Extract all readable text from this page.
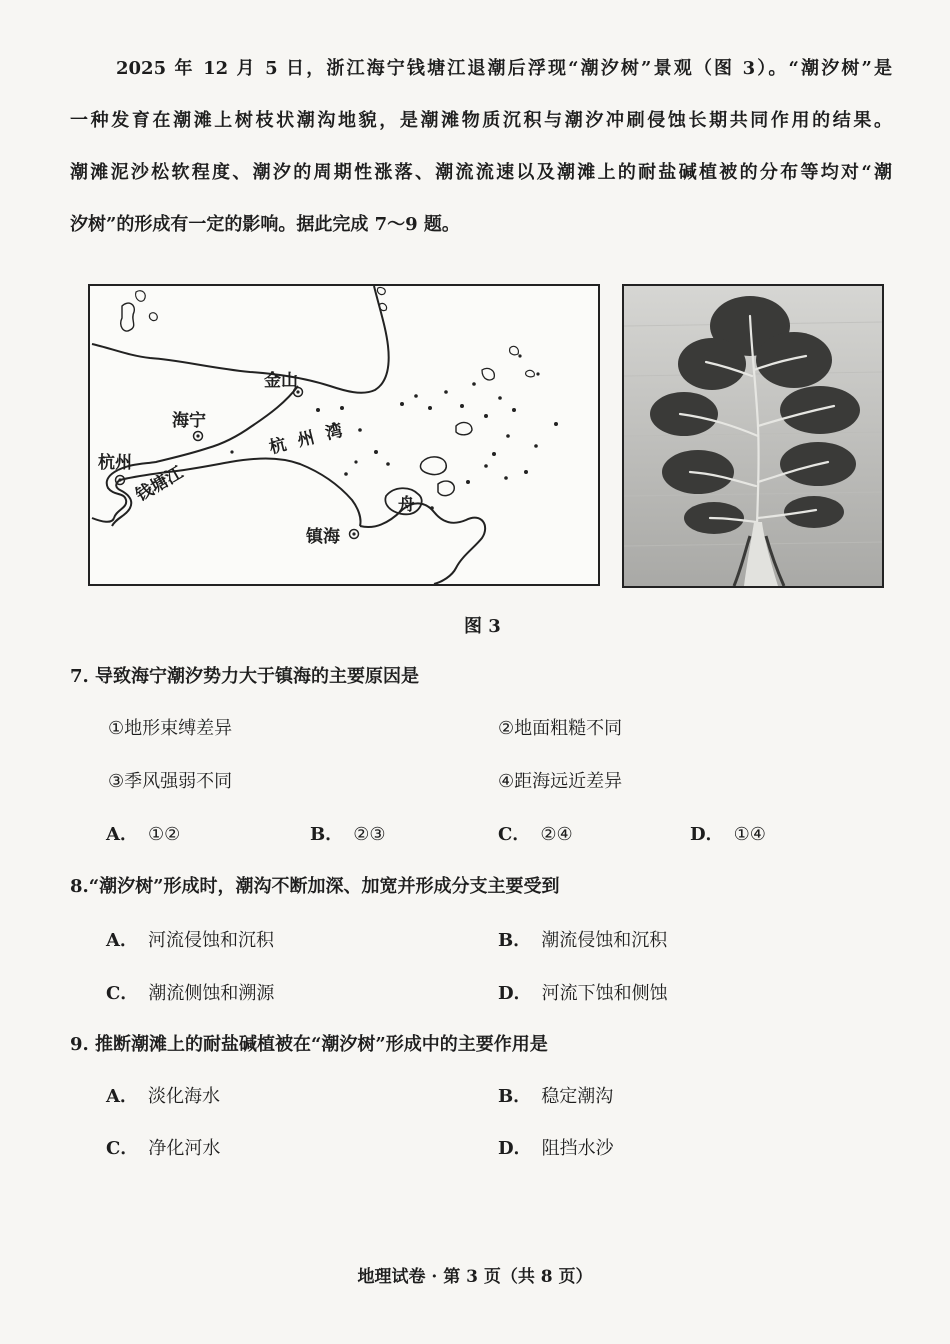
2025 年 12 月 5 日，浙江海宁钱塘江退潮后浮现“潮汐树”景观（图 3）。“潮汐树”是
一种发育在潮滩上树枝状潮沟地貌，是潮滩物质沉积与潮汐冲刷侵蚀长期共同作用的结果。
潮滩泥沙松软程度、潮汐的周期性涨落、潮流流速以及潮滩上的耐盐碱植被的分布等均对“潮
汐树”的形成有一定的影响。据此完成 7～9 题。
金山
海宁
杭州 钱塘江
杭州湾
镇海
舟
图 3
7. 导致海宁潮汐势力大于镇海的主要原因是
①地形束缚差异	②地面粗糙不同
③季风强弱不同	④距海远近差异
A． ①②	B． ②③	C． ②④	D． ①④
8.“潮汐树”形成时，潮沟不断加深、加宽并形成分支主要受到
A． 河流侵蚀和沉积	B． 潮流侵蚀和沉积
C． 潮流侧蚀和溯源	D． 河流下蚀和侧蚀
9. 推断潮滩上的耐盐碱植被在“潮汐树”形成中的主要作用是
A． 淡化海水	B． 稳定潮沟
C． 净化河水	D． 阻挡水沙
地理试卷 · 第 3 页（共 8 页）
